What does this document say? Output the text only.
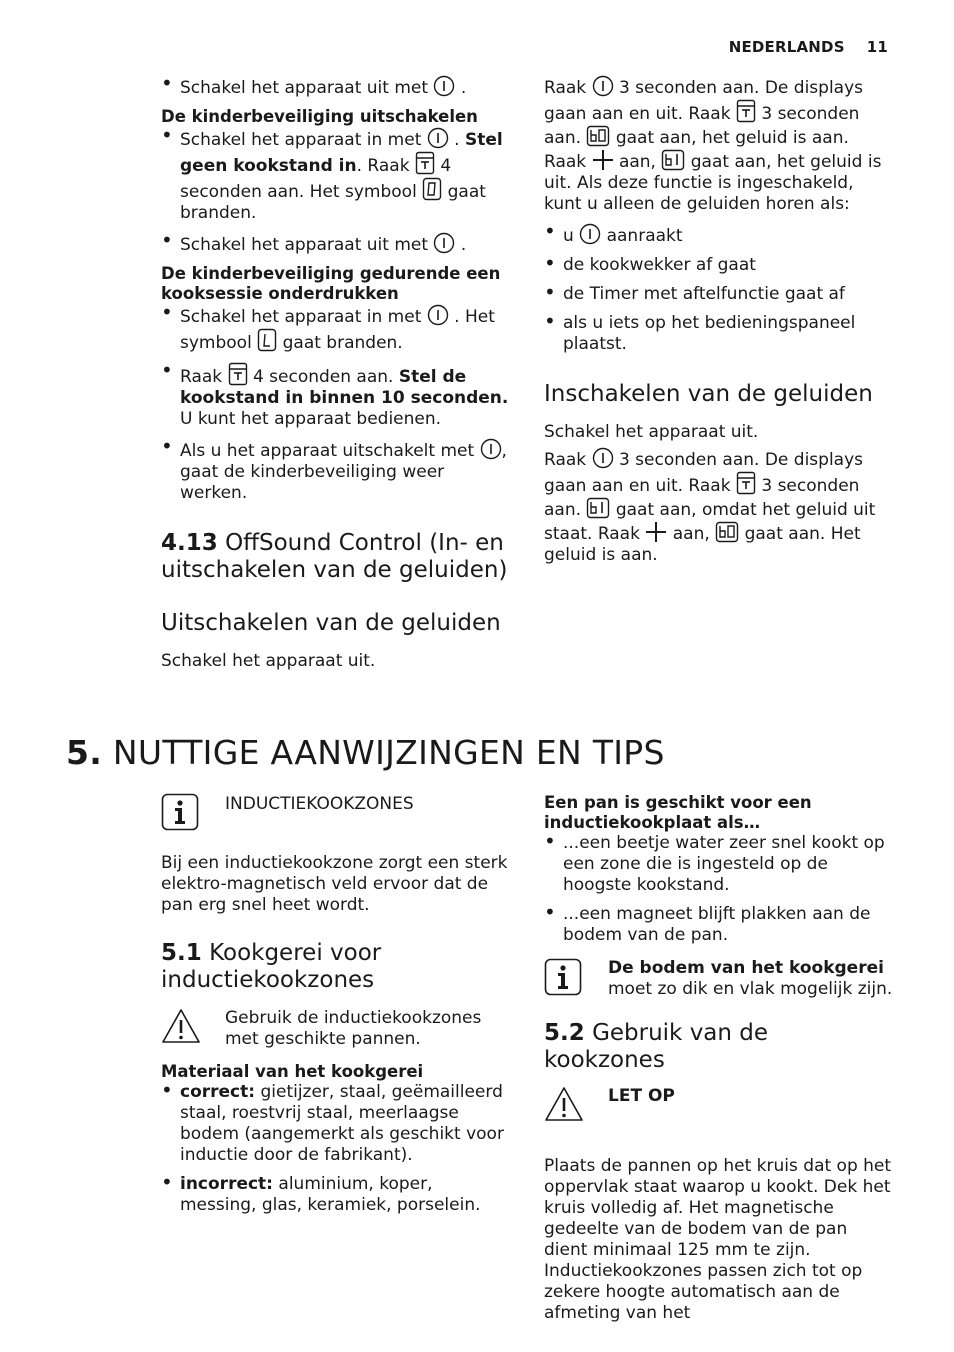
NEDERLANDS 11
• Schakel het apparaat uit met .

De kinderbeveiliging uitschakelen

• Schakel het apparaat in met . Stel geen kookstand in. Raak 4 seconden aan. Het symbool gaat branden.
• Schakel het apparaat uit met .

De kinderbeveiliging gedurende een kooksessie onderdrukken

• Schakel het apparaat in met . Het symbool gaat branden.
• Raak 4 seconden aan. Stel de kookstand in binnen 10 seconden. U kunt het apparaat bedienen.
• Als u het apparaat uitschakelt met , gaat de kinderbeveiliging weer werken.
4.13 OffSound Control (In- en uitschakelen van de geluiden)
Uitschakelen van de geluiden

Schakel het apparaat uit.

Raak 3 seconden aan. De displays gaan aan en uit. Raak 3 seconden aan. gaat aan, het geluid is aan. Raak aan, gaat aan, het geluid is uit. Als deze functie is ingeschakeld, kunt u alleen de geluiden horen als:

• u aanraakt
• de kookwekker af gaat
• de Timer met aftelfunctie gaat af
• als u iets op het bedieningspaneel plaatst.
Inschakelen van de geluiden

Schakel het apparaat uit.

Raak 3 seconden aan. De displays gaan aan en uit. Raak 3 seconden aan. gaat aan, omdat het geluid uit staat. Raak aan, gaat aan. Het geluid is aan.

5. NUTTIGE AANWIJZINGEN EN TIPS

INDUCTIEKOOKZONES

Bij een inductiekookzone zorgt een sterk elektro-magnetisch veld ervoor dat de pan erg snel heet wordt.

5.1 Kookgerei voor inductiekookzones

Gebruik de inductiekookzones met geschikte pannen.

Materiaal van het kookgerei

• correct: gietijzer, staal, geëmailleerd staal, roestvrij staal, meerlaagse bodem (aangemerkt als geschikt voor inductie door de fabrikant).
• incorrect: aluminium, koper, messing, glas, keramiek, porselein.

Een pan is geschikt voor een inductiekookplaat als…

• ...een beetje water zeer snel kookt op een zone die is ingesteld op de hoogste kookstand.
• ...een magneet blijft plakken aan de bodem van de pan.

De bodem van het kookgerei moet zo dik en vlak mogelijk zijn.

5.2 Gebruik van de kookzones

LET OP

Plaats de pannen op het kruis dat op het oppervlak staat waarop u kookt. Dek het kruis volledig af. Het magnetische gedeelte van de bodem van de pan dient minimaal 125 mm te zijn. Inductiekookzones passen zich tot op zekere hoogte automatisch aan de afmeting van het
